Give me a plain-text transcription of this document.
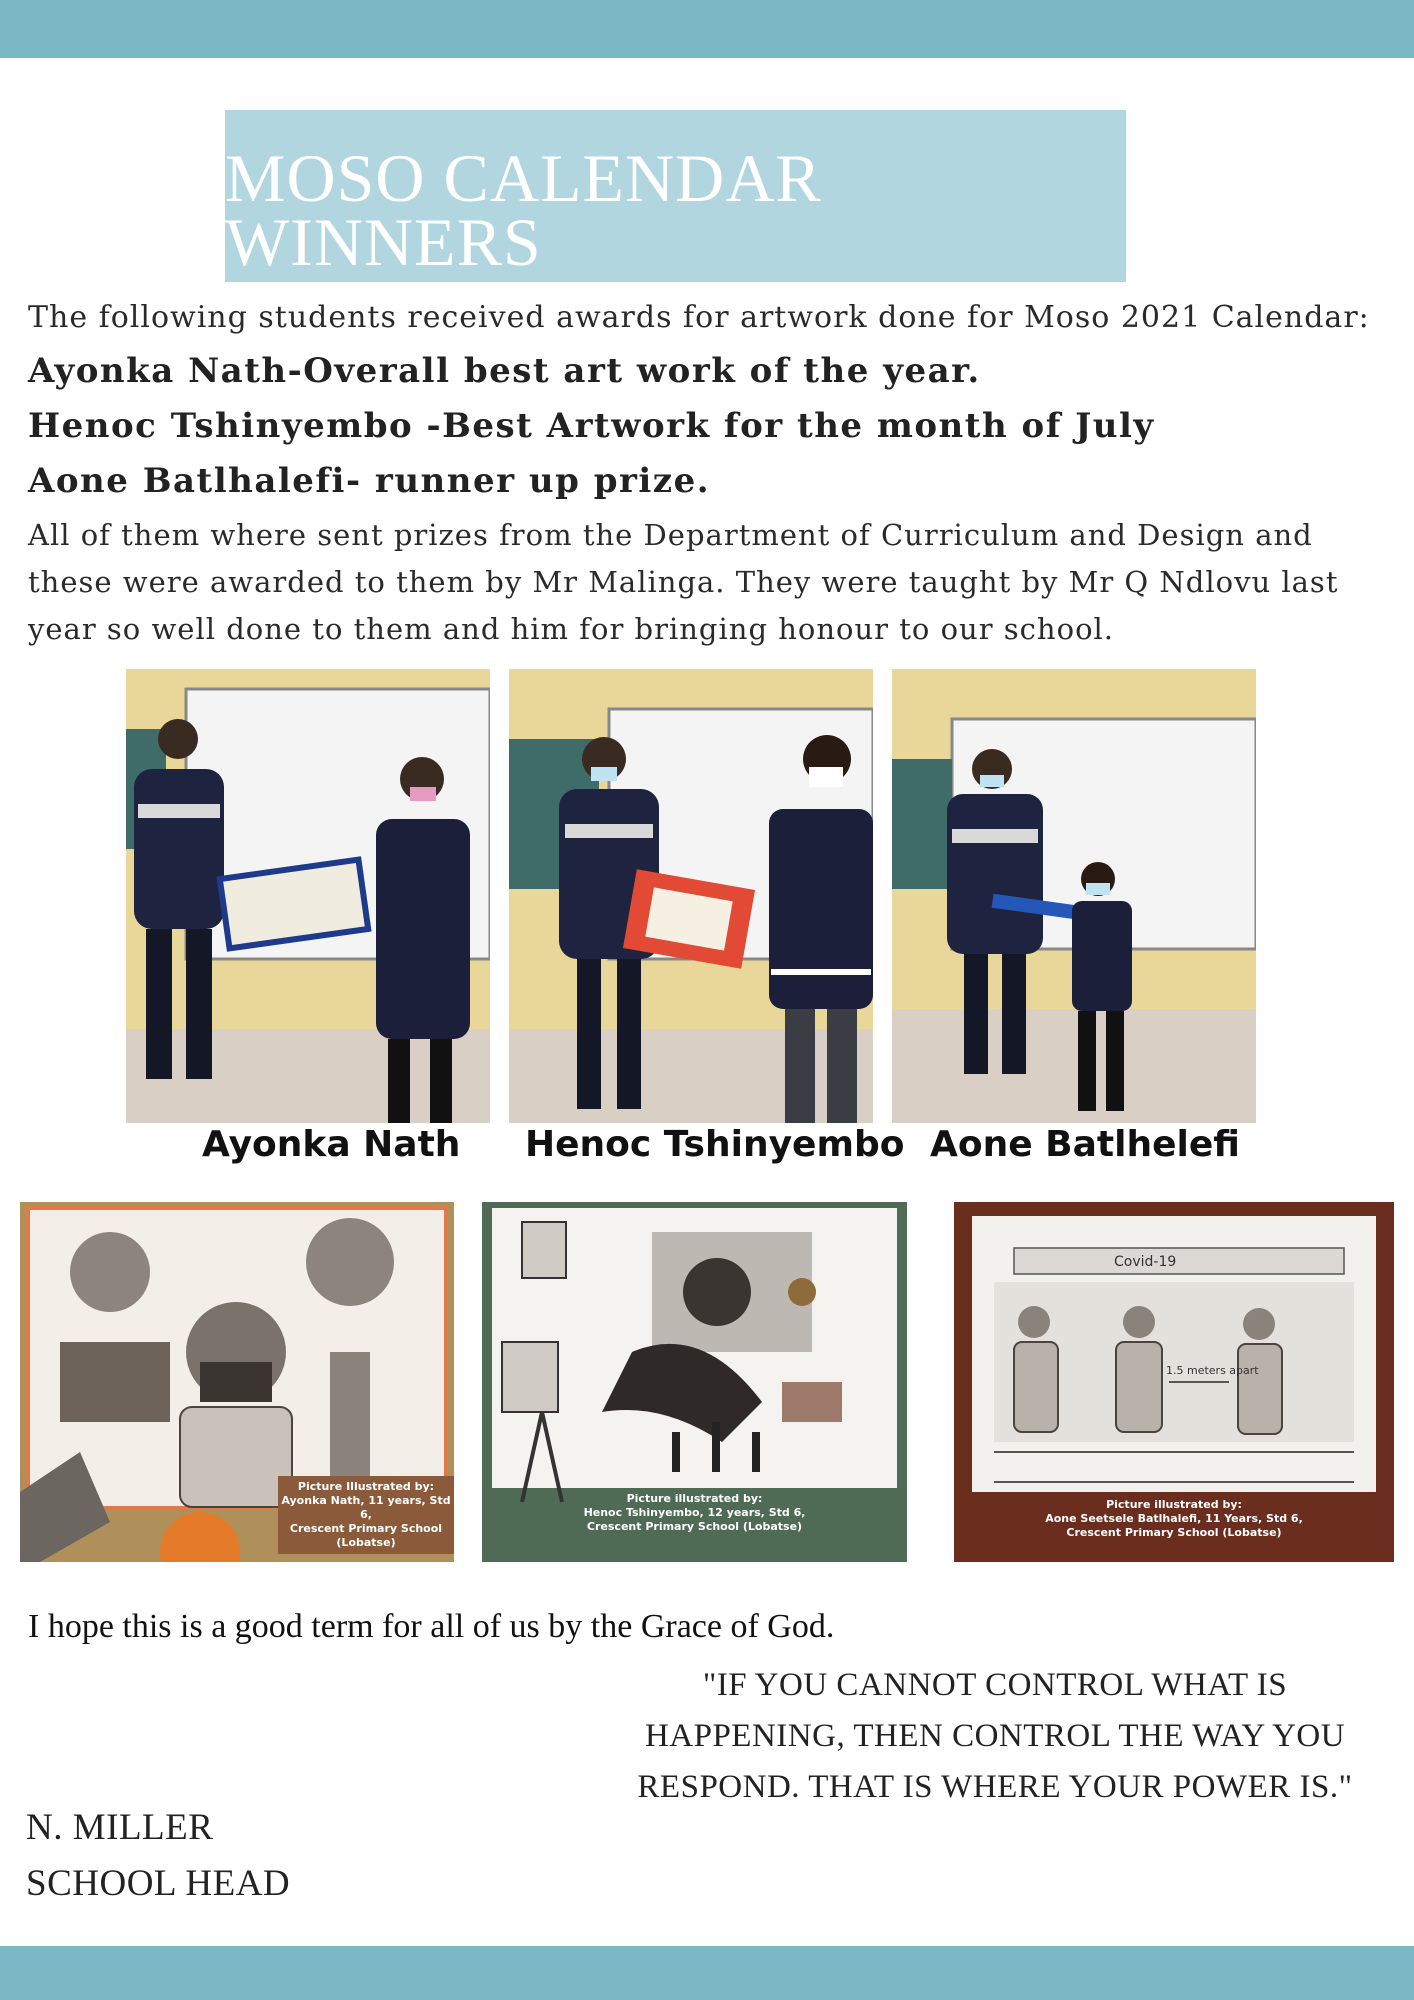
MOSO CALENDAR
WINNERS

The following students received awards for artwork done for Moso 2021 Calendar:

Ayonka Nath-Overall best art work of the year.

Henoc Tshinyembo -Best Artwork for the month of July

Aone Batlhalefi- runner up prize.

All of them where sent prizes from the Department of Curriculum and Design and these were awarded to them by Mr Malinga. They were taught by Mr Q Ndlovu last year so well done to them and him for bringing honour to our school.

Ayonka Nath Henoc Tshinyembo Aone Batlhelefi

Picture Illustrated by:
Ayonka Nath, 11 years, Std 6,
Crescent Primary School (Lobatse)

Picture illustrated by:
Henoc Tshinyembo, 12 years, Std 6,
Crescent Primary School (Lobatse)

Covid-19
1.5 meters apart

Picture illustrated by:
Aone Seetsele Batlhalefi, 11 Years, Std 6,
Crescent Primary School (Lobatse)

I hope this is a good term for all of us by the Grace of God.

"IF YOU CANNOT CONTROL WHAT IS HAPPENING, THEN CONTROL THE WAY YOU RESPOND. THAT IS WHERE YOUR POWER IS."

N. MILLER

SCHOOL HEAD
